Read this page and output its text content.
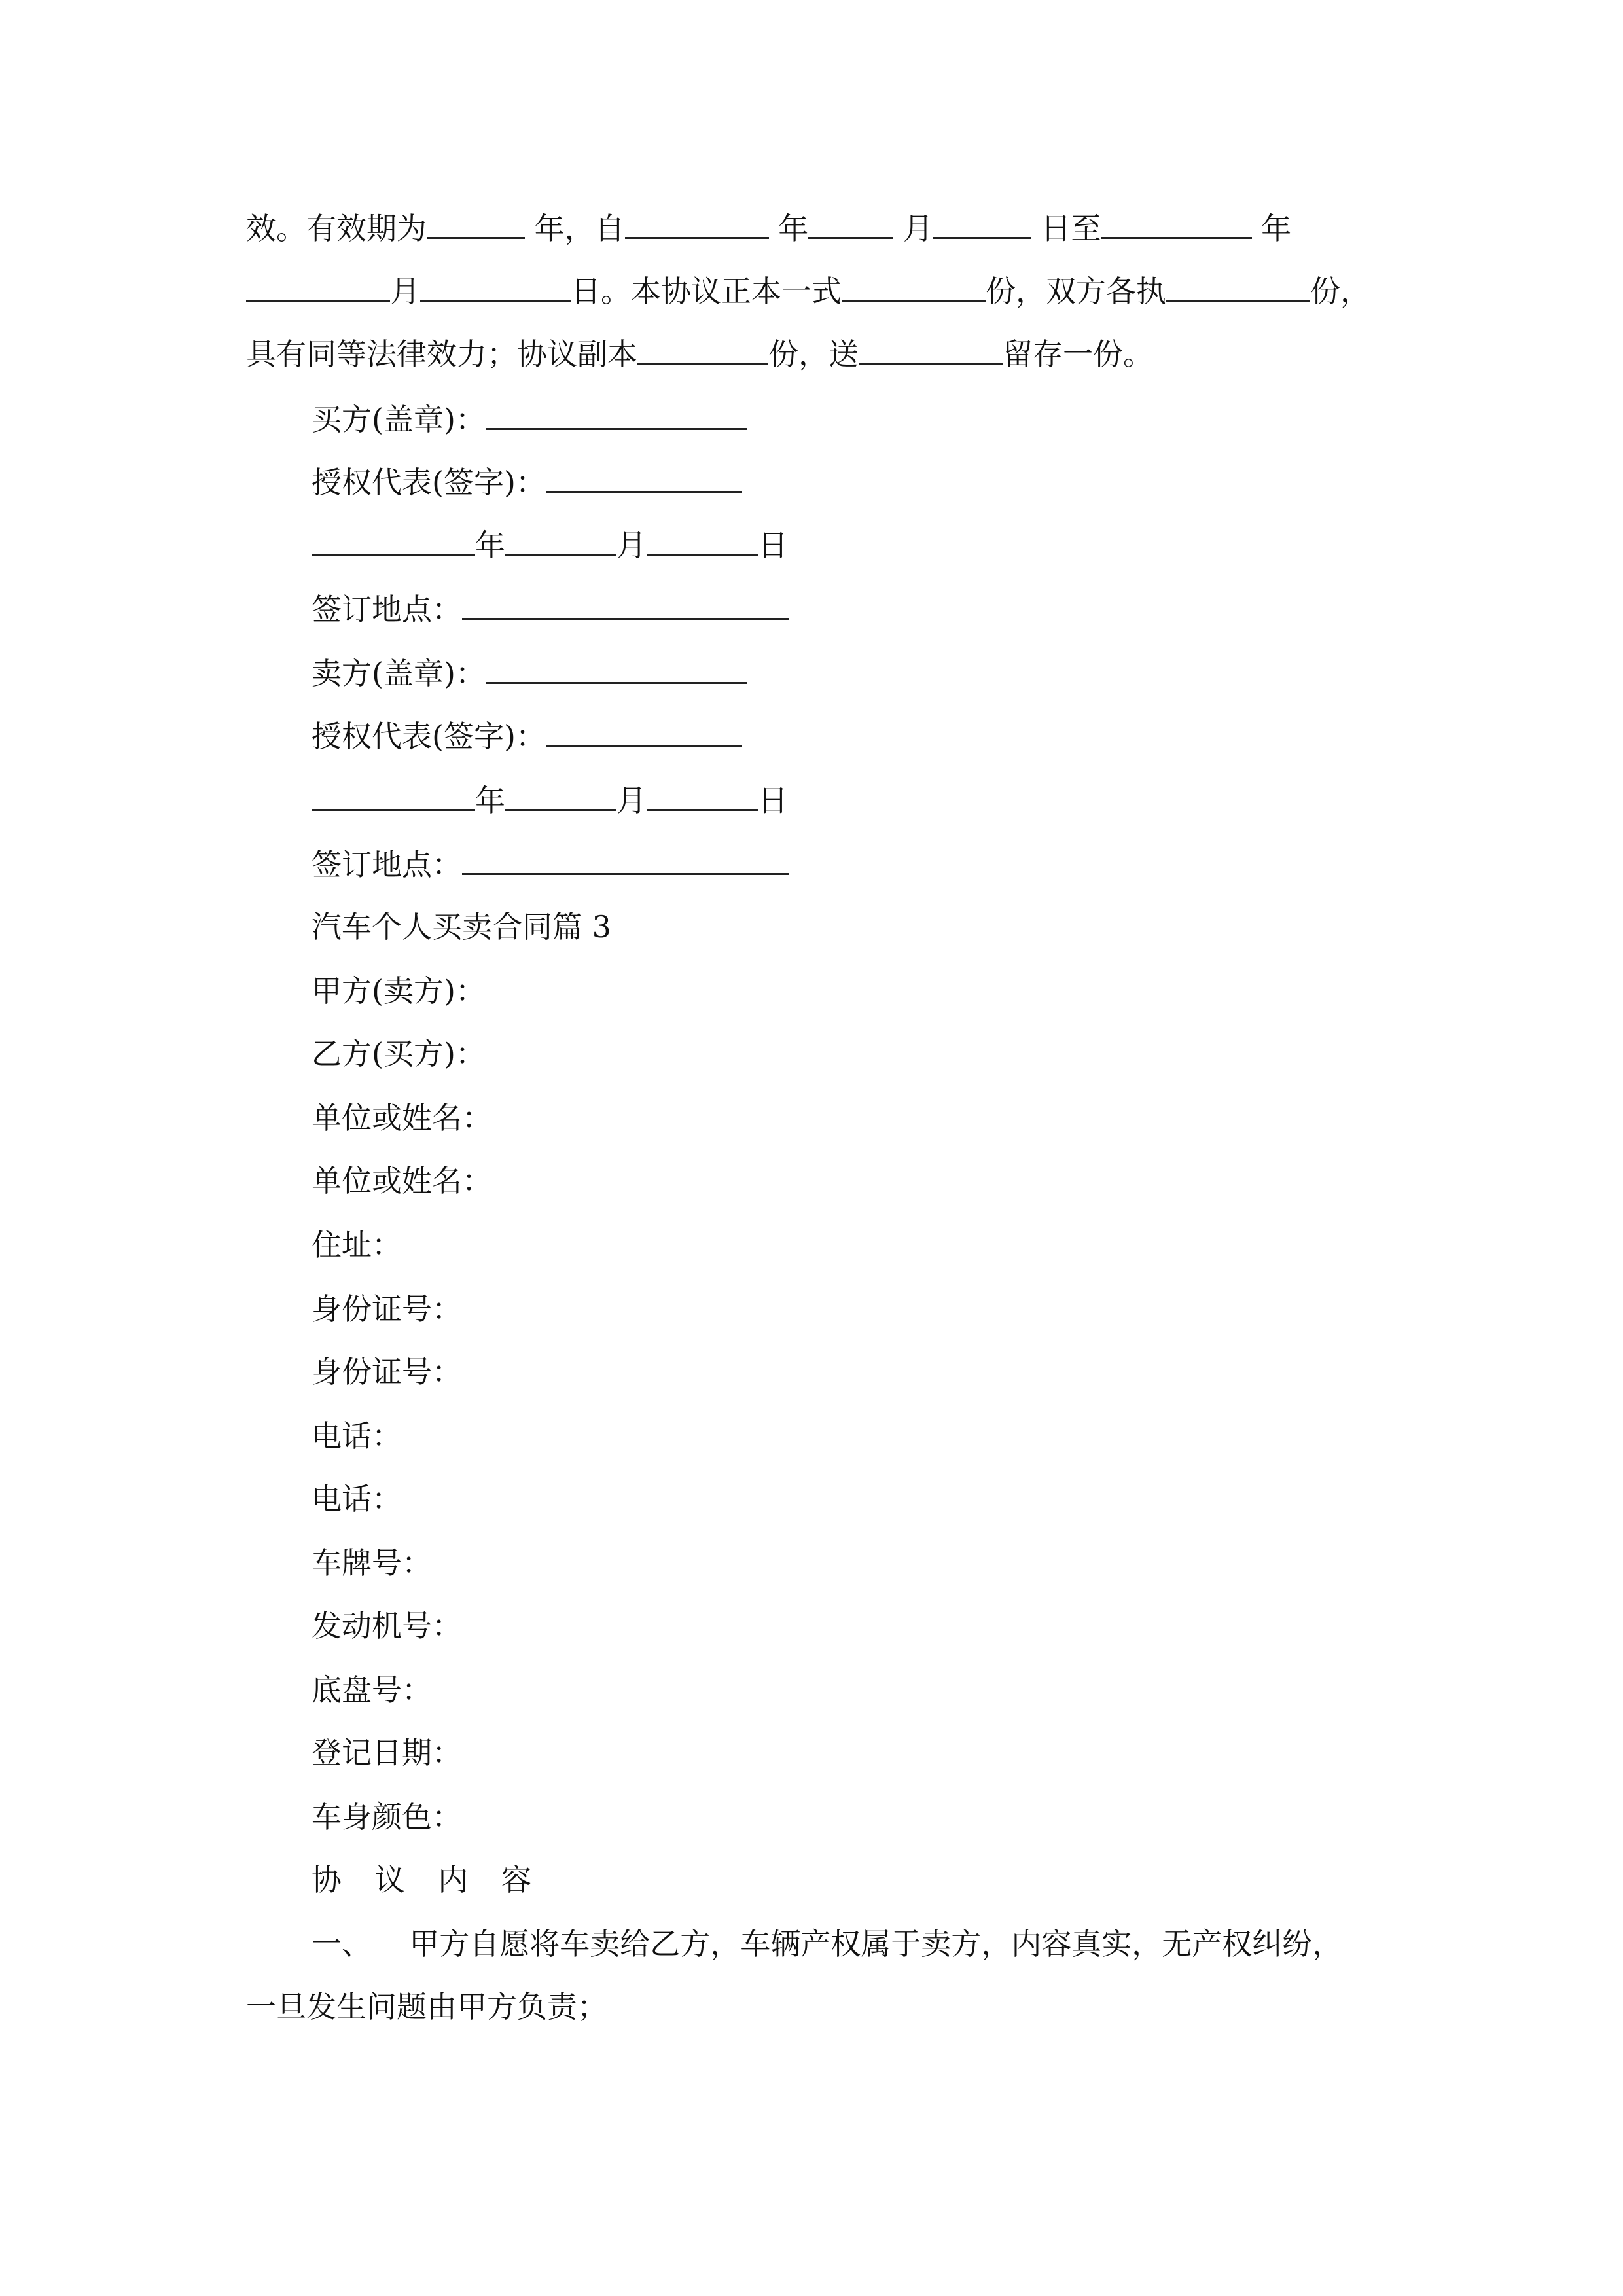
效。有效期为	年，自	年	月	日至	年
月	日。本协议正本一式	份，双方各执	份，
具有同等法律效力；协议副本	份，送	留存一份。
买方(盖章)：
授权代表(签字)：
年	月	日
签订地点：
卖方(盖章)：
授权代表(签字)：
年	月	日
签订地点：
汽车个人买卖合同篇 3
甲方(卖方)：
乙方(买方)：
单位或姓名：
单位或姓名：
住址：
身份证号：
身份证号：
电话：
电话：
车牌号：
发动机号：
底盘号：
登记日期：
车身颜色：
协 议 内 容
一、 甲方自愿将车卖给乙方，车辆产权属于卖方，内容真实，无产权纠纷，
一旦发生问题由甲方负责；
